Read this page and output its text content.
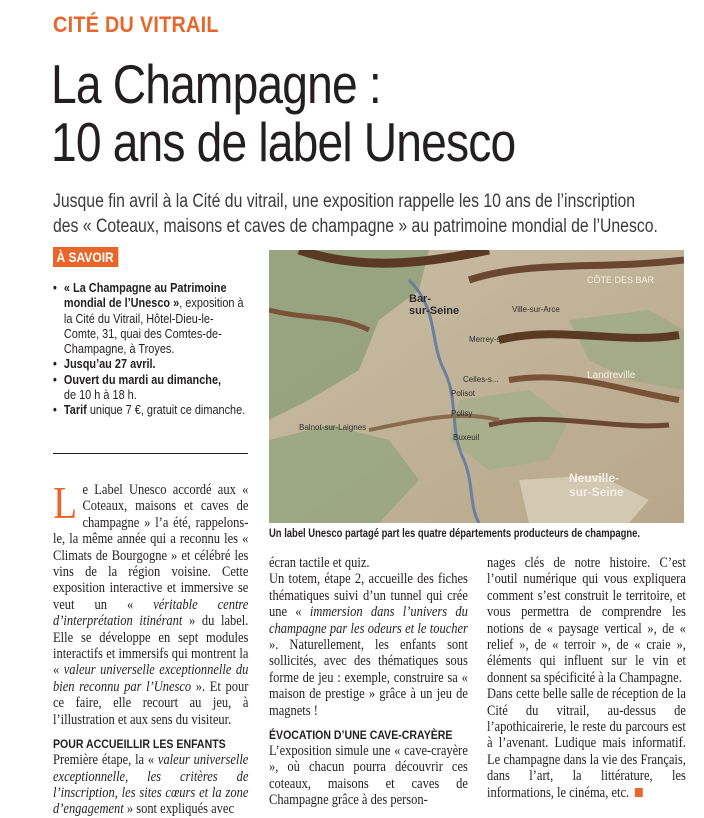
CITÉ DU VITRAIL
La Champagne :
10 ans de label Unesco
Jusque fin avril à la Cité du vitrail, une exposition rappelle les 10 ans de l’inscription
des « Coteaux, maisons et caves de champagne » au patrimoine mondial de l’Unesco.
À SAVOIR
• « La Champagne au Patrimoine mondial de l’Unesco », exposition à la Cité du Vitrail, Hôtel-Dieu-le-Comte, 31, quai des Comtes-de-Champagne, à Troyes.
• Jusqu’au 27 avril.
• Ouvert du mardi au dimanche,
de 10 h à 18 h.
• Tarif unique 7 €, gratuit ce dimanche.
Bar-
sur-Seine
CÔTE DES BAR
Ville-sur-Arce
Merrey-s...
Celles-s...
Polisot
Polisy
Buxeuil
Balnot-sur-Laignes
Landreville
Neuville-
sur-Seine
Un label Unesco partagé part les quatre départements producteurs de champagne.

Le Label Unesco accordé aux « Coteaux, maisons et caves de champagne » l’a été, rappelons-le, la même année qui a reconnu les « Climats de Bourgogne » et célébré les vins de la région voisine. Cette exposition interactive et immersive se veut un « véritable centre d’interprétation itinérant » du label. Elle se développe en sept modules interactifs et immersifs qui montrent la « valeur universelle exceptionnelle du bien reconnu par l’Unesco ». Et pour ce faire, elle recourt au jeu, à l’illustration et aux sens du visiteur.

POUR ACCUEILLIR LES ENFANTS

Première étape, la « valeur universelle exceptionnelle, les critères de l’inscription, les sites cœurs et la zone d’engagement » sont expliqués avec

écran tactile et quiz.

Un totem, étape 2, accueille des fiches thématiques suivi d’un tunnel qui crée une « immersion dans l’univers du champagne par les odeurs et le toucher ». Naturellement, les enfants sont sollicités, avec des thématiques sous forme de jeu : exemple, construire sa « maison de prestige » grâce à un jeu de magnets !

ÉVOCATION D’UNE CAVE-CRAYÈRE

L’exposition simule une « cave-crayère », où chacun pourra découvrir ces coteaux, maisons et caves de Champagne grâce à des person-

nages clés de notre histoire. C’est l’outil numérique qui vous expliquera comment s’est construit le territoire, et vous permettra de comprendre les notions de « paysage vertical », de « relief », de « terroir », de « craie », éléments qui influent sur le vin et donnent sa spécificité à la Champagne.

Dans cette belle salle de réception de la Cité du vitrail, au-dessus de l’apothicairerie, le reste du parcours est à l’avenant. Ludique mais informatif. Le champagne dans la vie des Français, dans l’art, la littérature, les informations, le cinéma, etc.
